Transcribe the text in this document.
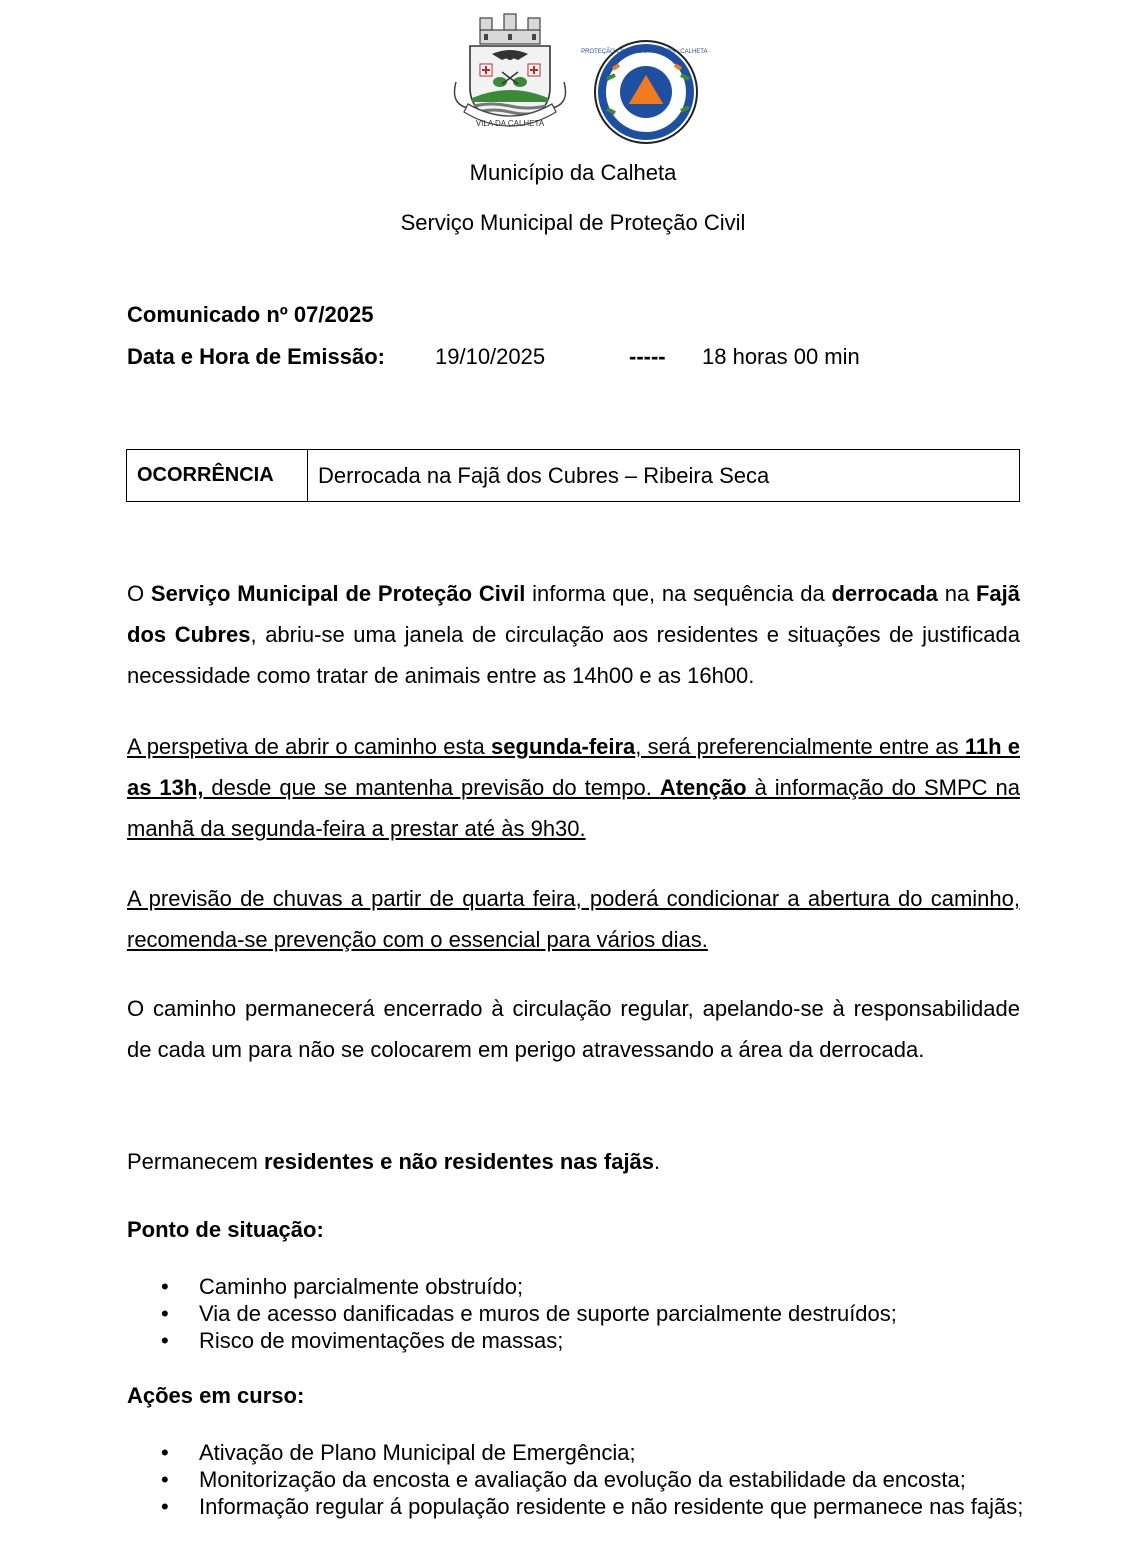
VILA DA CALHETA
PROTEÇÃO CIVIL E BOMBEIROS · CALHETA ·
Município da Calheta
Serviço Municipal de Proteção Civil
Comunicado nº 07/2025
Data e Hora de Emissão: 19/10/2025	----- 18 horas 00 min
OCORRÊNCIA	Derrocada na Fajã dos Cubres – Ribeira Seca

O Serviço Municipal de Proteção Civil informa que, na sequência da derrocada na Fajã dos Cubres, abriu-se uma janela de circulação aos residentes e situações de justificada necessidade como tratar de animais entre as 14h00 e as 16h00.

A perspetiva de abrir o caminho esta segunda-feira, será preferencialmente entre as 11h e as 13h, desde que se mantenha previsão do tempo. Atenção à informação do SMPC na manhã da segunda-feira a prestar até às 9h30.

A previsão de chuvas a partir de quarta feira, poderá condicionar a abertura do caminho, recomenda-se prevenção com o essencial para vários dias.

O caminho permanecerá encerrado à circulação regular, apelando-se à responsabilidade de cada um para não se colocarem em perigo atravessando a área da derrocada.

Permanecem residentes e não residentes nas fajãs.

Ponto de situação:
• Caminho parcialmente obstruído;
• Via de acesso danificadas e muros de suporte parcialmente destruídos;
• Risco de movimentações de massas;
Ações em curso:
• Ativação de Plano Municipal de Emergência;
• Monitorização da encosta e avaliação da evolução da estabilidade da encosta;
• Informação regular á população residente e não residente que permanece nas fajãs;
